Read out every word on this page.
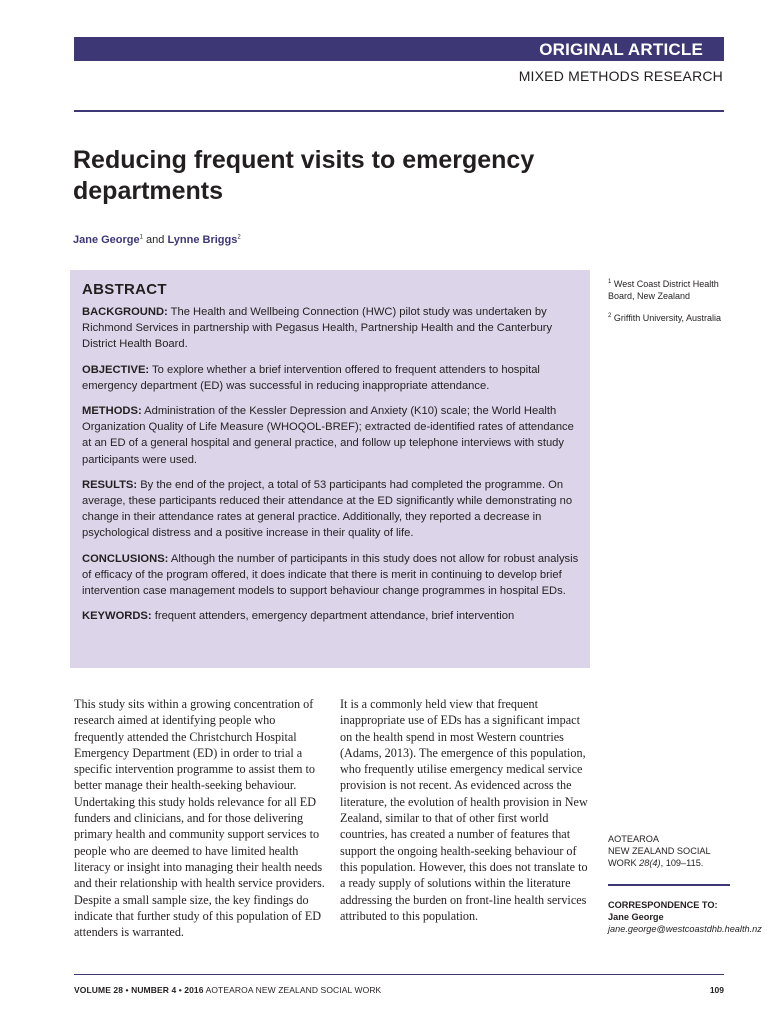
ORIGINAL ARTICLE
MIXED METHODS RESEARCH
Reducing frequent visits to emergency departments
Jane George$^1$ and Lynne Briggs$^2$
ABSTRACT

BACKGROUND: The Health and Wellbeing Connection (HWC) pilot study was undertaken by Richmond Services in partnership with Pegasus Health, Partnership Health and the Canterbury District Health Board.

OBJECTIVE: To explore whether a brief intervention offered to frequent attenders to hospital emergency department (ED) was successful in reducing inappropriate attendance.

METHODS: Administration of the Kessler Depression and Anxiety (K10) scale; the World Health Organization Quality of Life Measure (WHOQOL-BREF); extracted de-identified rates of attendance at an ED of a general hospital and general practice, and follow up telephone interviews with study participants were used.

RESULTS: By the end of the project, a total of 53 participants had completed the programme. On average, these participants reduced their attendance at the ED significantly while demonstrating no change in their attendance rates at general practice. Additionally, they reported a decrease in psychological distress and a positive increase in their quality of life.

CONCLUSIONS: Although the number of participants in this study does not allow for robust analysis of efficacy of the program offered, it does indicate that there is merit in continuing to develop brief intervention case management models to support behaviour change programmes in hospital EDs.

KEYWORDS: frequent attenders, emergency department attendance, brief intervention

$^1$ West Coast District Health Board, New Zealand

$^2$ Griffith University, Australia

This study sits within a growing concentration of research aimed at identifying people who frequently attended the Christchurch Hospital Emergency Department (ED) in order to trial a specific intervention programme to assist them to better manage their health-seeking behaviour. Undertaking this study holds relevance for all ED funders and clinicians, and for those delivering primary health and community support services to people who are deemed to have limited health literacy or insight into managing their health needs and their relationship with health service providers. Despite a small sample size, the key findings do indicate that further study of this population of ED attenders is warranted.
It is a commonly held view that frequent inappropriate use of EDs has a significant impact on the health spend in most Western countries (Adams, 2013). The emergence of this population, who frequently utilise emergency medical service provision is not recent. As evidenced across the literature, the evolution of health provision in New Zealand, similar to that of other first world countries, has created a number of features that support the ongoing health-seeking behaviour of this population. However, this does not translate to a ready supply of solutions within the literature addressing the burden on front-line health services attributed to this population.
AOTEAROA
NEW ZEALAND SOCIAL
WORK 28(4), 109–115.
CORRESPONDENCE TO:
Jane George
jane.george@westcoastdhb.health.nz
VOLUME 28 • NUMBER 4 • 2016 AOTEAROA NEW ZEALAND SOCIAL WORK	109
